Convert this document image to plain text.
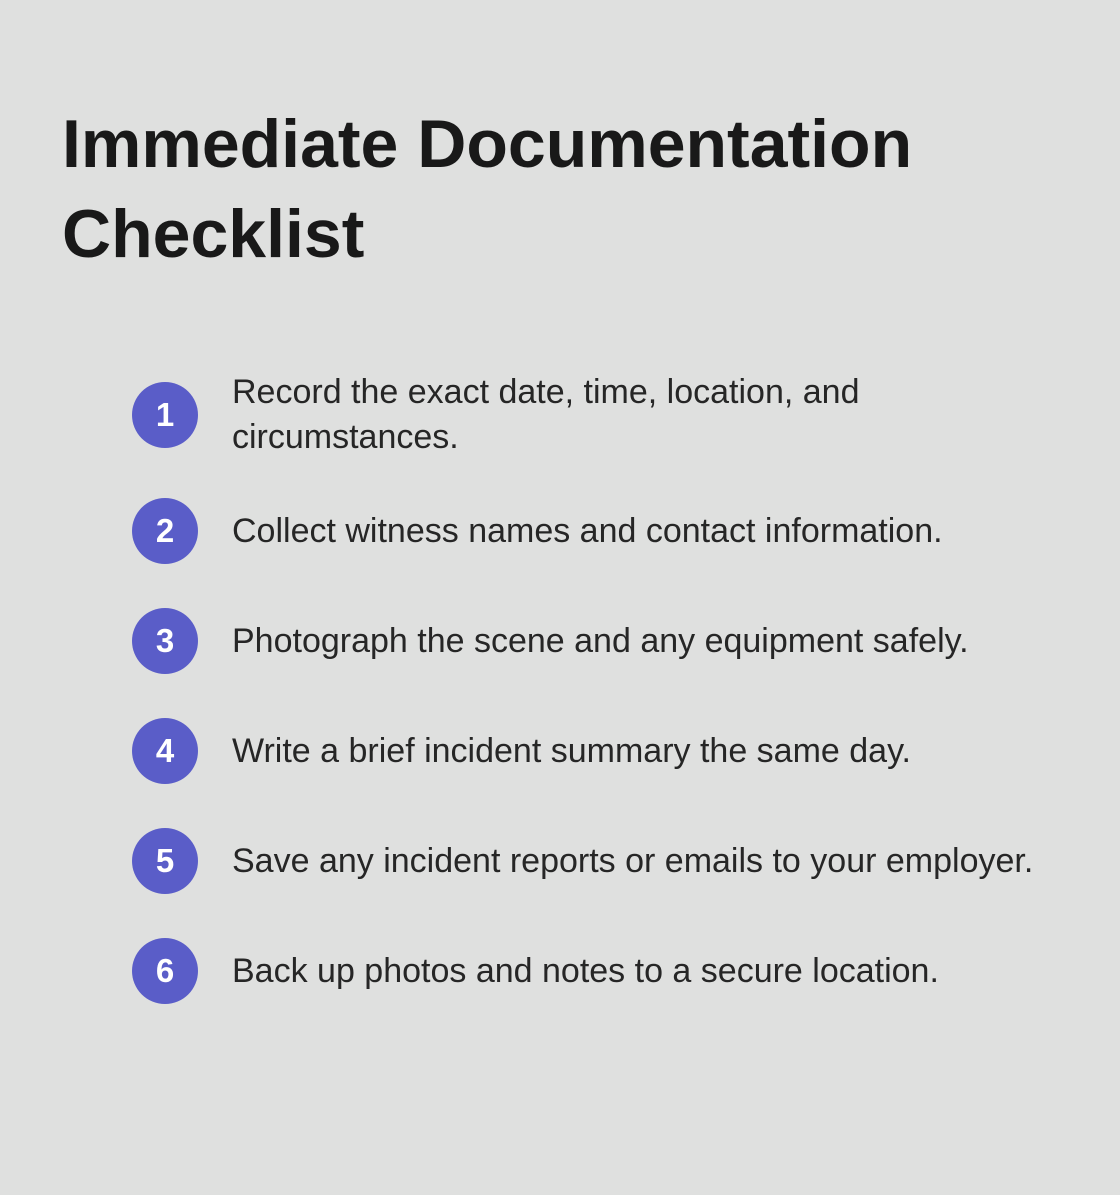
Immediate Documentation Checklist
1
Record the exact date, time, location, and circumstances.
2	Collect witness names and contact information.
3	Photograph the scene and any equipment safely.
4	Write a brief incident summary the same day.
5	Save any incident reports or emails to your employer.
6	Back up photos and notes to a secure location.
